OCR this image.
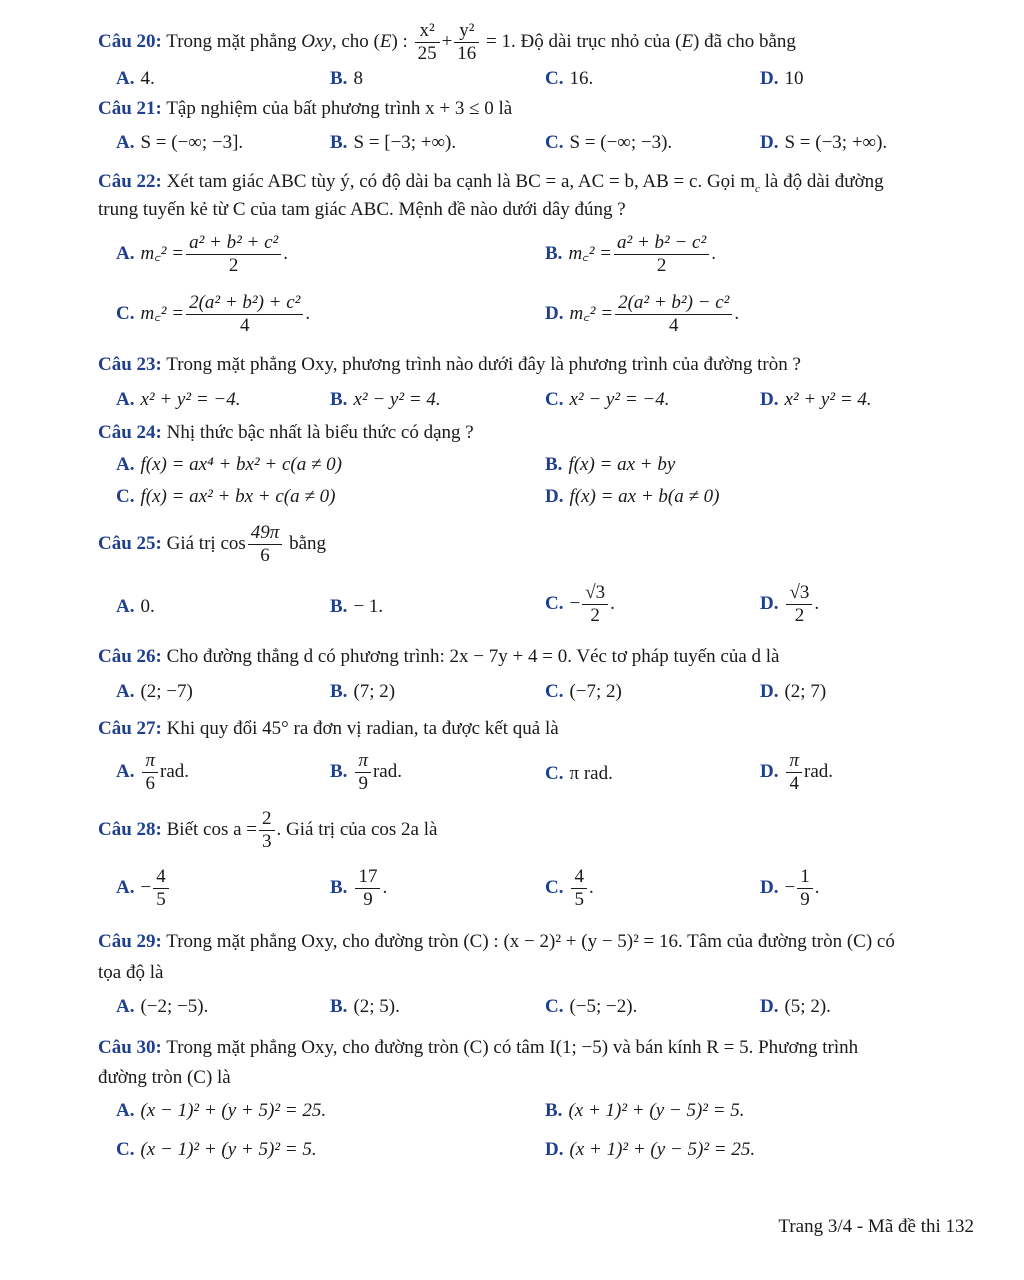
Câu 20: Trong mặt phẳng Oxy, cho (E) : $\frac{\text{x²}}{25} + \frac{\text{y²}}{16} = 1$. Độ dài trục nhỏ của (E) đã cho bằng
A. 4.	B. 8	C. 16.	D. 10
Câu 21: Tập nghiệm của bất phương trình x + 3 ≤ 0 là
A. S = (−∞; −3].	B. S = [−3; +∞).	C. S = (−∞; −3).	D. S = (−3; +∞).
Câu 22: Xét tam giác ABC tùy ý, có độ dài ba cạnh là BC = a, AC = b, AB = c. Gọi $m_c$ là độ dài đường
trung tuyến kẻ từ C của tam giác ABC. Mệnh đề nào dưới dây đúng ?
A. m꜀² = $\frac{\text{a² + b² + c²}}{2}$ .	B. m꜀² = $\frac{\text{a² + b² − c²}}{2}$ .
C. m꜀² = $\frac{\text{2(a² + b²) + c²}}{4}$ .	D. m꜀² = $\frac{\text{2(a² + b²) − c²}}{4}$ .
Câu 23: Trong mặt phẳng Oxy, phương trình nào dưới đây là phương trình của đường tròn ?
A. x² + y² = −4.	B. x² − y² = 4.	C. x² − y² = −4.	D. x² + y² = 4.
Câu 24: Nhị thức bậc nhất là biểu thức có dạng ?
A. f(x) = ax⁴ + bx² + c(a ≠ 0)	B. f(x) = ax + by
C. f(x) = ax² + bx + c(a ≠ 0)	D. f(x) = ax + b(a ≠ 0)
Câu 25: Giá trị $\cos \frac{49\pi}{6}$ bằng
A. 0.	B. − 1.	C. − $\frac{√3}{2}$ .	D. $\frac{√3}{2}$ .
Câu 26: Cho đường thẳng d có phương trình: 2x − 7y + 4 = 0. Véc tơ pháp tuyến của d là
A. (2; −7)	B. (7; 2)	C. (−7; 2)	D. (2; 7)
Câu 27: Khi quy đổi 45° ra đơn vị radian, ta được kết quả là
A. $\frac{\pi}{6}$ rad.	B. $\frac{\pi}{9}$ rad.	C. π rad.	D. $\frac{\pi}{4}$ rad.
Câu 28: Biết $\cos a = \frac{2}{3}$ . Giá trị của cos 2a là
A. − $\frac{4}{5}$	B. $\frac{17}{9}$ .	C. $\frac{4}{5}$ .	D. − $\frac{1}{9}$ .
Câu 29: Trong mặt phẳng Oxy, cho đường tròn (C) : (x − 2)² + (y − 5)² = 16. Tâm của đường tròn (C) có
tọa độ là
A. (−2; −5).	B. (2; 5).	C. (−5; −2).	D. (5; 2).
Câu 30: Trong mặt phẳng Oxy, cho đường tròn (C) có tâm I(1; −5) và bán kính R = 5. Phương trình
đường tròn (C) là
A. (x − 1)² + (y + 5)² = 25.	B. (x + 1)² + (y − 5)² = 5.
C. (x − 1)² + (y + 5)² = 5.	D. (x + 1)² + (y − 5)² = 25.
Trang 3/4 - Mã đề thi 132
